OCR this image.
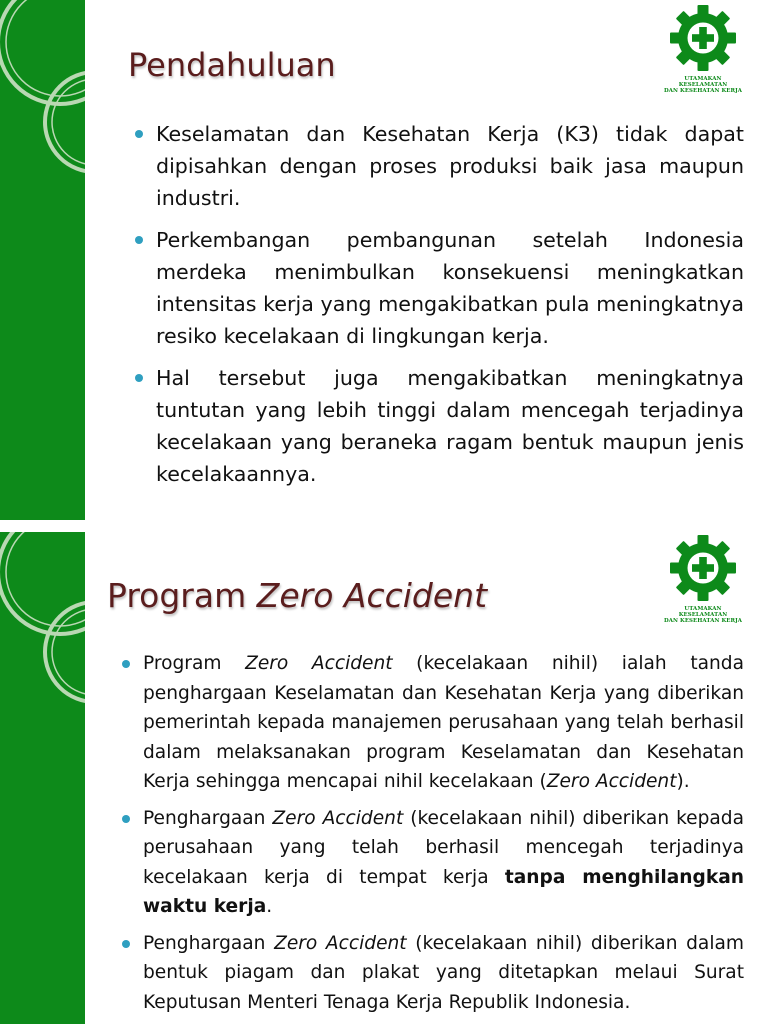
UTAMAKAN KESELAMATAN
DAN KESEHATAN KERJA
Pendahuluan
Keselamatan dan Kesehatan Kerja (K3) tidak dapat dipisahkan dengan proses produksi baik jasa maupun industri.
Perkembangan pembangunan setelah Indonesia merdeka menimbulkan konsekuensi meningkatkan intensitas kerja yang mengakibatkan pula meningkatnya resiko kecelakaan di lingkungan kerja.
Hal tersebut juga mengakibatkan meningkatnya tuntutan yang lebih tinggi dalam mencegah terjadinya kecelakaan yang beraneka ragam bentuk maupun jenis kecelakaannya.
UTAMAKAN KESELAMATAN
DAN KESEHATAN KERJA
Program Zero Accident
Program Zero Accident (kecelakaan nihil) ialah tanda penghargaan Keselamatan dan Kesehatan Kerja yang diberikan pemerintah kepada manajemen perusahaan yang telah berhasil dalam melaksanakan program Keselamatan dan Kesehatan Kerja sehingga mencapai nihil kecelakaan (Zero Accident).
Penghargaan Zero Accident (kecelakaan nihil) diberikan kepada perusahaan yang telah berhasil mencegah terjadinya kecelakaan kerja di tempat kerja tanpa menghilangkan waktu kerja.
Penghargaan Zero Accident (kecelakaan nihil) diberikan dalam bentuk piagam dan plakat yang ditetapkan melaui Surat Keputusan Menteri Tenaga Kerja Republik Indonesia.
